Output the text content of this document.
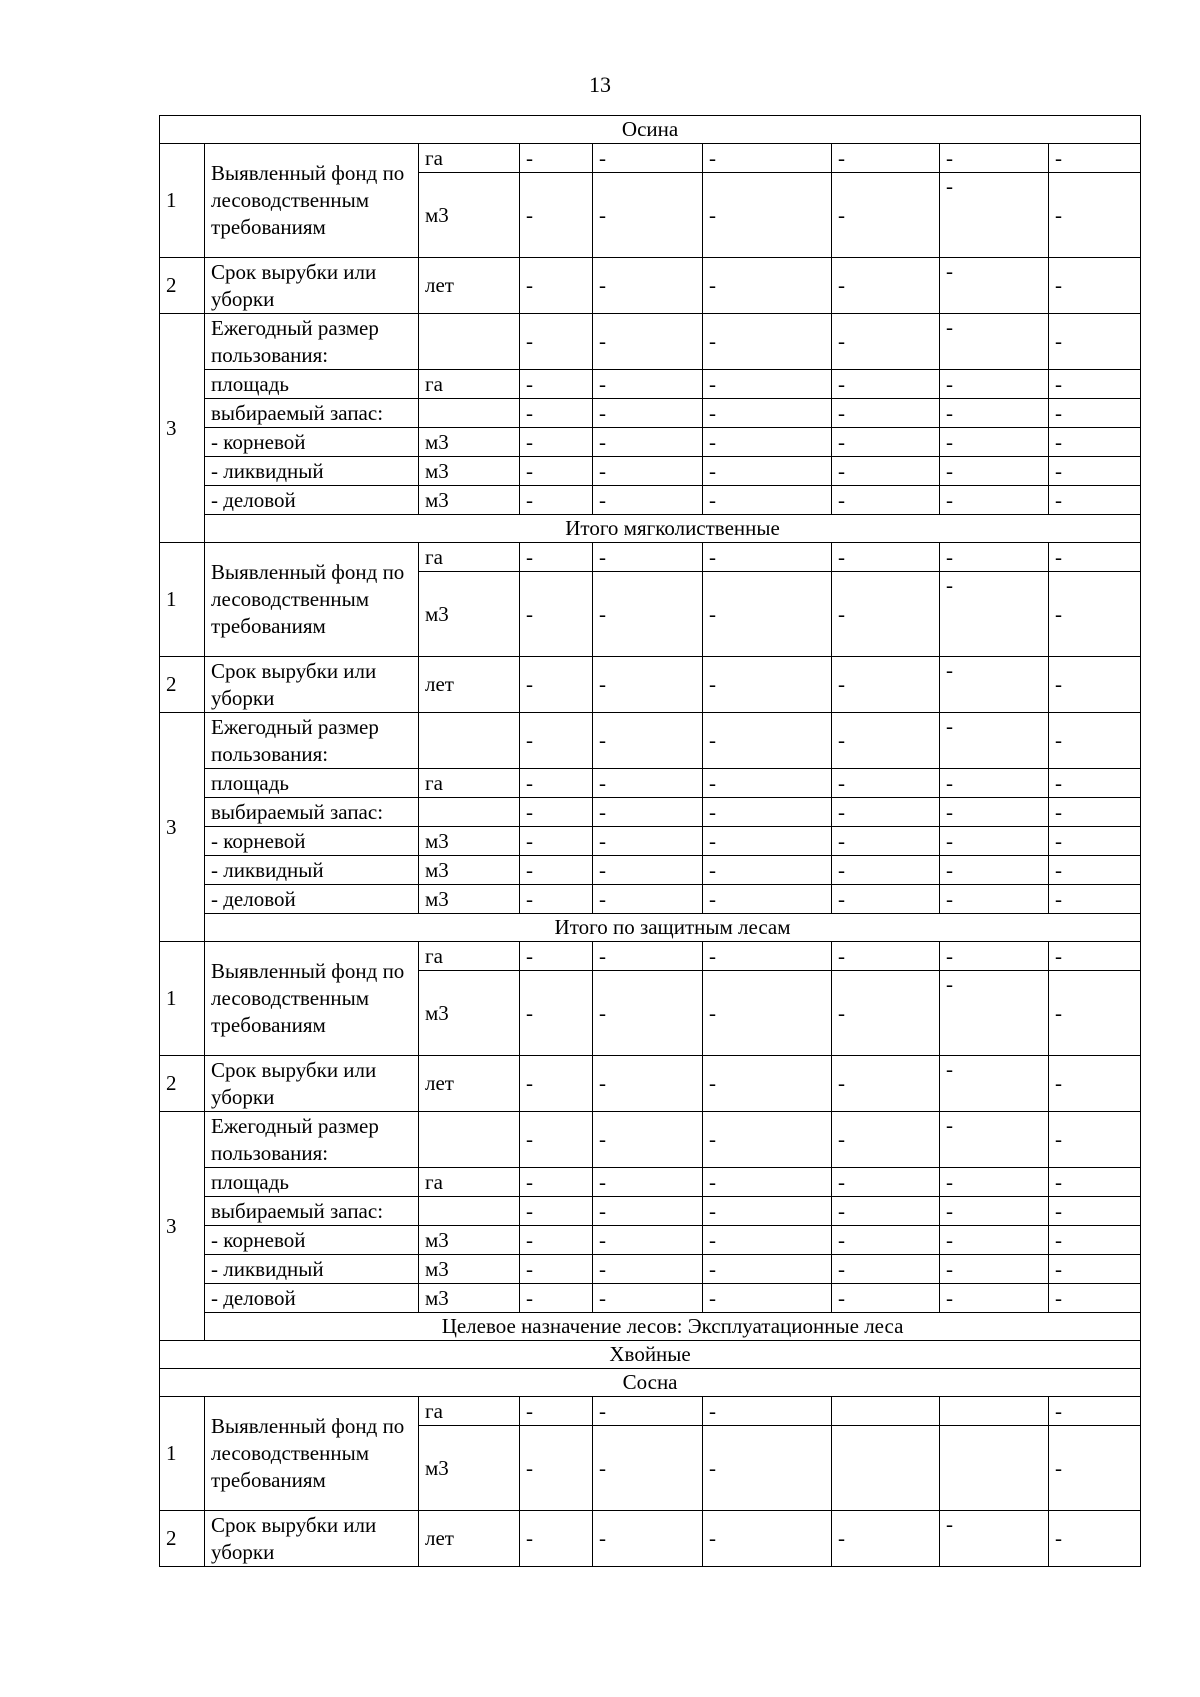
13
Осина								
1	Выявленный фонд по лесоводственным требованиям	га	-	-	-	-	-	-
		м3	-	-	-	-	-	-
2	Срок вырубки или уборки	лет	-	-	-	-	-	-
3	Ежегодный размер пользования:		-	-	-	-	-	-
	площадь	га	-	-	-	-	-	-
	выбираемый запас:		-	-	-	-	-	-
	- корневой	м3	-	-	-	-	-	-
	- ликвидный	м3	-	-	-	-	-	-
	- деловой	м3	-	-	-	-	-	-
	Итого мягколиственные							
1	Выявленный фонд по лесоводственным требованиям	га	-	-	-	-	-	-
		м3	-	-	-	-	-	-
2	Срок вырубки или уборки	лет	-	-	-	-	-	-
3	Ежегодный размер пользования:		-	-	-	-	-	-
	площадь	га	-	-	-	-	-	-
	выбираемый запас:		-	-	-	-	-	-
	- корневой	м3	-	-	-	-	-	-
	- ликвидный	м3	-	-	-	-	-	-
	- деловой	м3	-	-	-	-	-	-
	Итого по защитным лесам							
1	Выявленный фонд по лесоводственным требованиям	га	-	-	-	-	-	-
		м3	-	-	-	-	-	-
2	Срок вырубки или уборки	лет	-	-	-	-	-	-
3	Ежегодный размер пользования:		-	-	-	-	-	-
	площадь	га	-	-	-	-	-	-
	выбираемый запас:		-	-	-	-	-	-
	- корневой	м3	-	-	-	-	-	-
	- ликвидный	м3	-	-	-	-	-	-
	- деловой	м3	-	-	-	-	-	-
	Целевое назначение лесов: Эксплуатационные леса							
Хвойные								
Сосна								
1	Выявленный фонд по лесоводственным требованиям	га	-	-	-			-
		м3	-	-	-			-
2	Срок вырубки или уборки	лет	-	-	-	-	-	-
